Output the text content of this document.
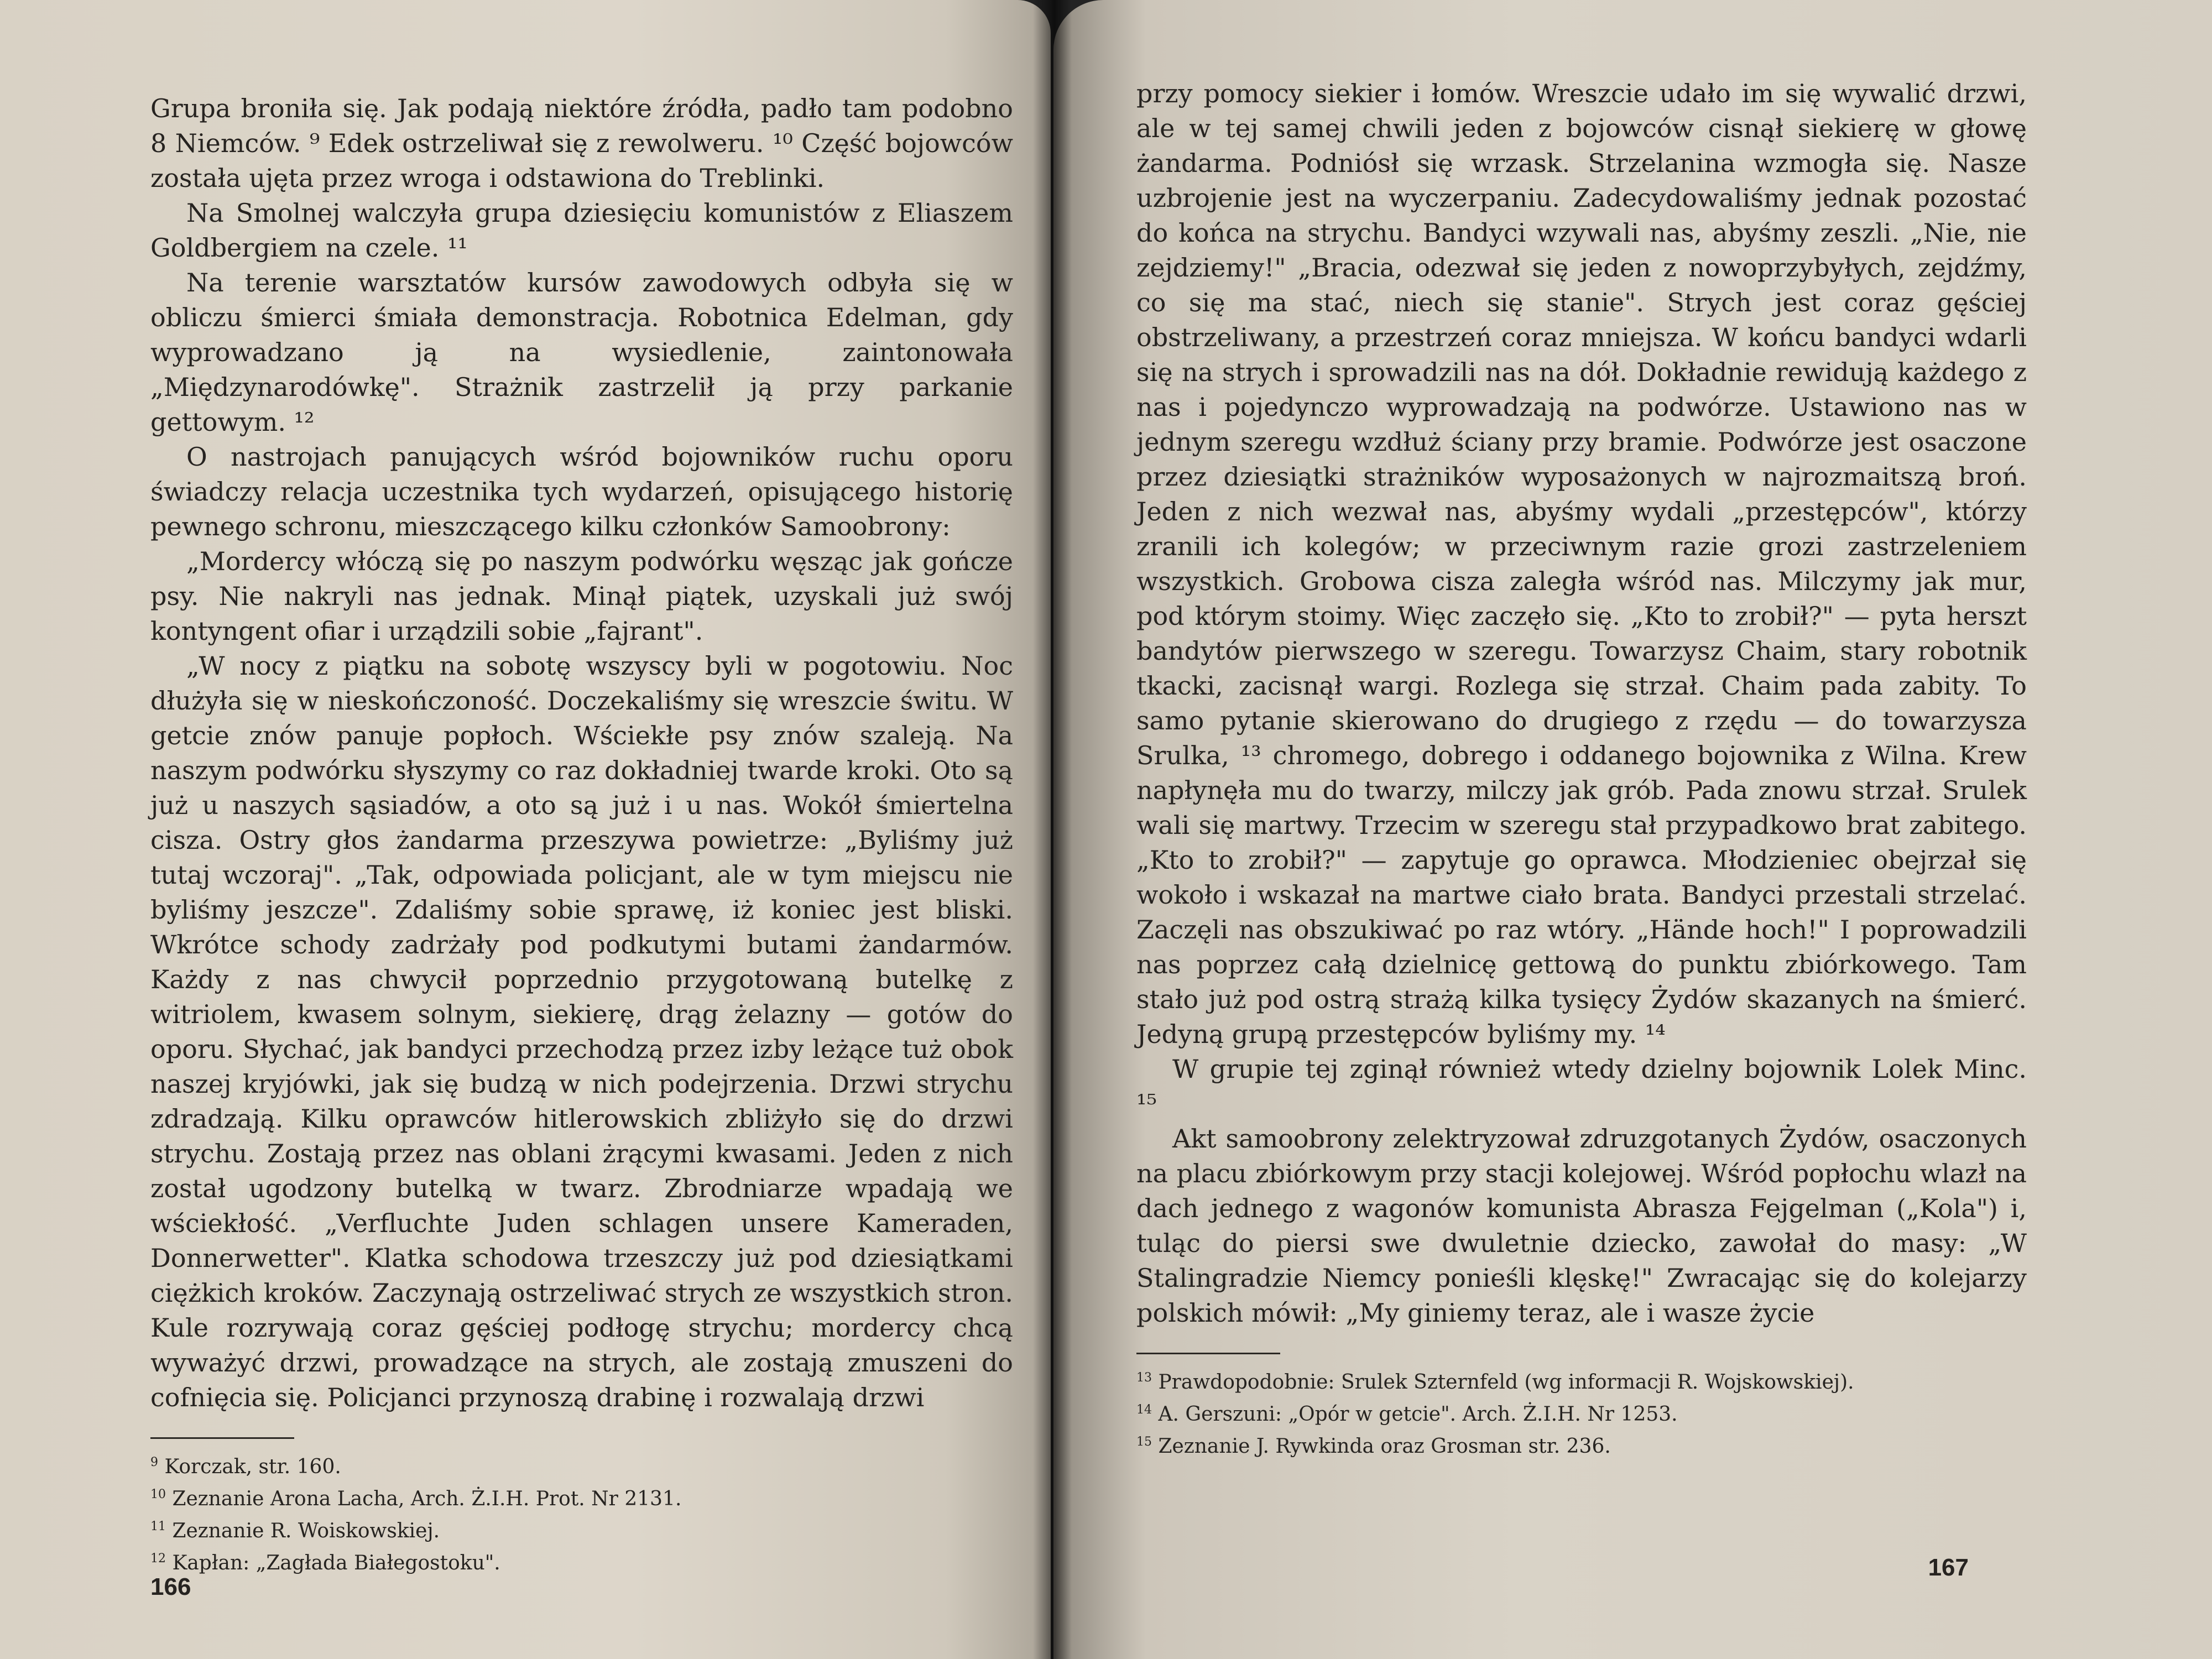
Grupa broniła się. Jak podają niektóre źródła, padło tam podobno 8 Niemców. ⁹ Edek ostrzeliwał się z rewolweru. ¹⁰ Część bojowców została ujęta przez wroga i odstawiona do Treblinki.

Na Smolnej walczyła grupa dziesięciu komunistów z Eliaszem Goldbergiem na czele. ¹¹

Na terenie warsztatów kursów zawodowych odbyła się w obliczu śmierci śmiała demonstracja. Robotnica Edelman, gdy wyprowadzano ją na wysiedlenie, zaintonowała „Międzynarodówkę". Strażnik zastrzelił ją przy parkanie gettowym. ¹²

O nastrojach panujących wśród bojowników ruchu oporu świadczy relacja uczestnika tych wydarzeń, opisującego historię pewnego schronu, mieszczącego kilku członków Samoobrony:

„Mordercy włóczą się po naszym podwórku węsząc jak gończe psy. Nie nakryli nas jednak. Minął piątek, uzyskali już swój kontyngent ofiar i urządzili sobie „fajrant".

„W nocy z piątku na sobotę wszyscy byli w pogotowiu. Noc dłużyła się w nieskończoność. Doczekaliśmy się wreszcie świtu. W getcie znów panuje popłoch. Wściekłe psy znów szaleją. Na naszym podwórku słyszymy co raz dokładniej twarde kroki. Oto są już u naszych sąsiadów, a oto są już i u nas. Wokół śmiertelna cisza. Ostry głos żandarma przeszywa powietrze: „Byliśmy już tutaj wczoraj". „Tak, odpowiada policjant, ale w tym miejscu nie byliśmy jeszcze". Zdaliśmy sobie sprawę, iż koniec jest bliski. Wkrótce schody zadrżały pod podkutymi butami żandarmów. Każdy z nas chwycił poprzednio przygotowaną butelkę z witriolem, kwasem solnym, siekierę, drąg żelazny — gotów do oporu. Słychać, jak bandyci przechodzą przez izby leżące tuż obok naszej kryjówki, jak się budzą w nich podejrzenia. Drzwi strychu zdradzają. Kilku oprawców hitlerowskich zbliżyło się do drzwi strychu. Zostają przez nas oblani żrącymi kwasami. Jeden z nich został ugodzony butelką w twarz. Zbrodniarze wpadają we wściekłość. „Verfluchte Juden schlagen unsere Kameraden, Donnerwetter". Klatka schodowa trzeszczy już pod dziesiątkami ciężkich kroków. Zaczynają ostrzeliwać strych ze wszystkich stron. Kule rozrywają coraz gęściej podłogę strychu; mordercy chcą wyważyć drzwi, prowadzące na strych, ale zostają zmuszeni do cofnięcia się. Policjanci przynoszą drabinę i rozwalają drzwi

$^9$ Korczak, str. 160.

$^{10}$ Zeznanie Arona Lacha, Arch. Ż.I.H. Prot. Nr 2131.

$^{11}$ Zeznanie R. Woiskowskiej.

$^{12}$ Kapłan: „Zagłada Białegostoku".

166

przy pomocy siekier i łomów. Wreszcie udało im się wywalić drzwi, ale w tej samej chwili jeden z bojowców cisnął siekierę w głowę żandarma. Podniósł się wrzask. Strzelanina wzmogła się. Nasze uzbrojenie jest na wyczerpaniu. Zadecydowaliśmy jednak pozostać do końca na strychu. Bandyci wzywali nas, abyśmy zeszli. „Nie, nie zejdziemy!" „Bracia, odezwał się jeden z nowoprzybyłych, zejdźmy, co się ma stać, niech się stanie". Strych jest coraz gęściej obstrzeliwany, a przestrzeń coraz mniejsza. W końcu bandyci wdarli się na strych i sprowadzili nas na dół. Dokładnie rewidują każdego z nas i pojedynczo wyprowadzają na podwórze. Ustawiono nas w jednym szeregu wzdłuż ściany przy bramie. Podwórze jest osaczone przez dziesiątki strażników wyposażonych w najrozmaitszą broń. Jeden z nich wezwał nas, abyśmy wydali „przestępców", którzy zranili ich kolegów; w przeciwnym razie grozi zastrzeleniem wszystkich. Grobowa cisza zaległa wśród nas. Milczymy jak mur, pod którym stoimy. Więc zaczęło się. „Kto to zrobił?" — pyta herszt bandytów pierwszego w szeregu. Towarzysz Chaim, stary robotnik tkacki, zacisnął wargi. Rozlega się strzał. Chaim pada zabity. To samo pytanie skierowano do drugiego z rzędu — do towarzysza Srulka, ¹³ chromego, dobrego i oddanego bojownika z Wilna. Krew napłynęła mu do twarzy, milczy jak grób. Pada znowu strzał. Srulek wali się martwy. Trzecim w szeregu stał przypadkowo brat zabitego. „Kto to zrobił?" — zapytuje go oprawca. Młodzieniec obejrzał się wokoło i wskazał na martwe ciało brata. Bandyci przestali strzelać. Zaczęli nas obszukiwać po raz wtóry. „Hände hoch!" I poprowadzili nas poprzez całą dzielnicę gettową do punktu zbiórkowego. Tam stało już pod ostrą strażą kilka tysięcy Żydów skazanych na śmierć. Jedyną grupą przestępców byliśmy my. ¹⁴

W grupie tej zginął również wtedy dzielny bojownik Lolek Minc. ¹⁵

Akt samoobrony zelektryzował zdruzgotanych Żydów, osaczonych na placu zbiórkowym przy stacji kolejowej. Wśród popłochu wlazł na dach jednego z wagonów komunista Abrasza Fejgelman („Kola") i, tuląc do piersi swe dwuletnie dziecko, zawołał do masy: „W Stalingradzie Niemcy ponieśli klęskę!" Zwracając się do kolejarzy polskich mówił: „My giniemy teraz, ale i wasze życie

$^{13}$ Prawdopodobnie: Srulek Szternfeld (wg informacji R. Wojskowskiej).

$^{14}$ A. Gerszuni: „Opór w getcie". Arch. Ż.I.H. Nr 1253.

$^{15}$ Zeznanie J. Rywkinda oraz Grosman str. 236.

167
